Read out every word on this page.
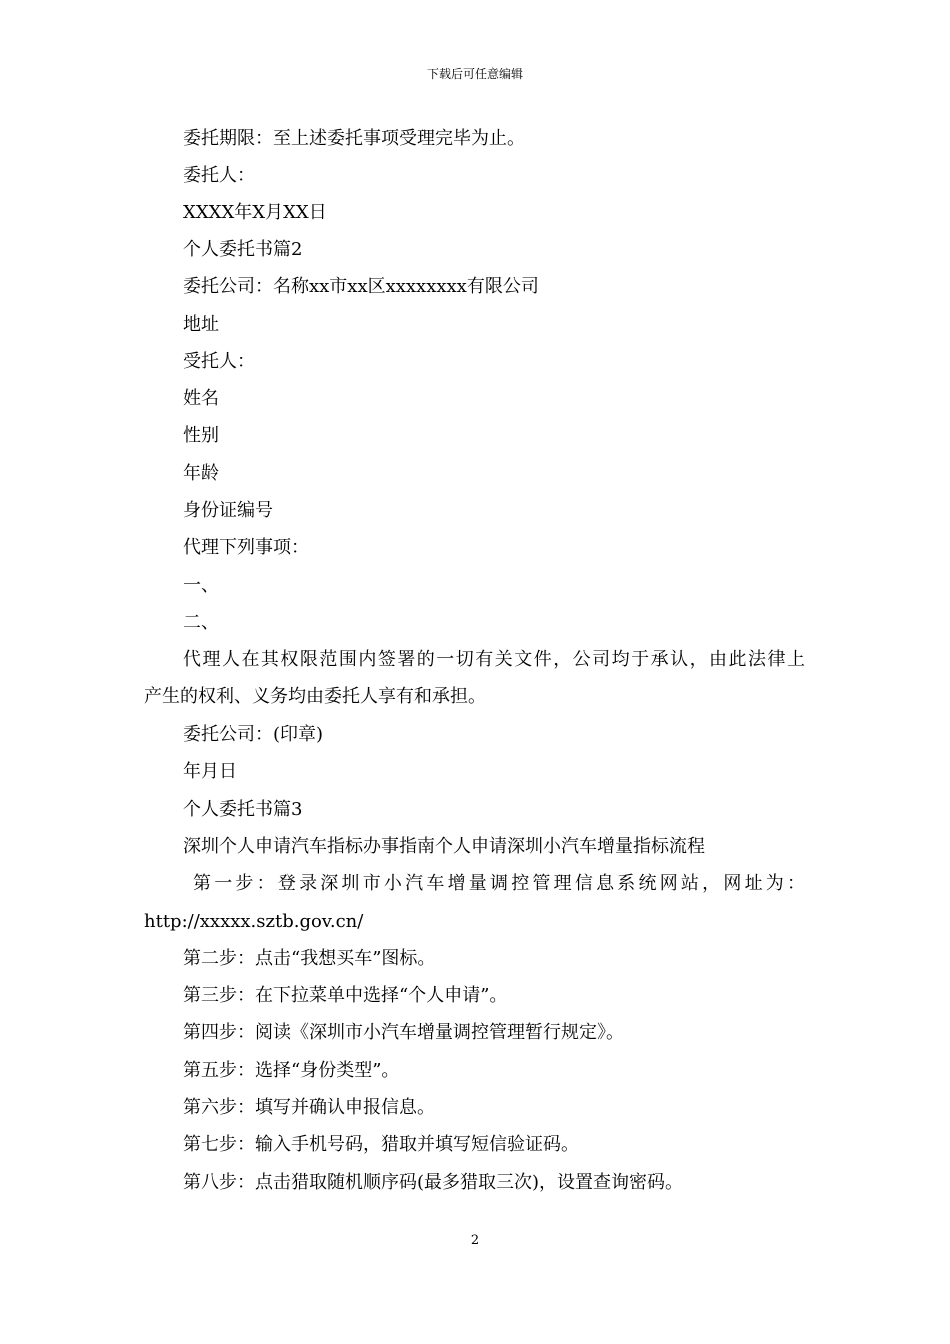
下载后可任意编辑
委托期限：至上述委托事项受理完毕为止。
委托人：
XXXX年X月XX日
个人委托书篇2
委托公司：名称xx市xx区xxxxxxxx有限公司
地址
受托人：
姓名
性别
年龄
身份证编号
代理下列事项：
一、
二、
代理人在其权限范围内签署的一切有关文件，公司均于承认，由此法律上
产生的权利、义务均由委托人享有和承担。
委托公司：(印章)
年月日
个人委托书篇3
深圳个人申请汽车指标办事指南个人申请深圳小汽车增量指标流程
第一步：登录深圳市小汽车增量调控管理信息系统网站，网址为：
http://xxxxx.sztb.gov.cn/
第二步：点击“我想买车”图标。
第三步：在下拉菜单中选择“个人申请”。
第四步：阅读《深圳市小汽车增量调控管理暂行规定》。
第五步：选择“身份类型”。
第六步：填写并确认申报信息。
第七步：输入手机号码，猎取并填写短信验证码。
第八步：点击猎取随机顺序码(最多猎取三次)，设置查询密码。
2
